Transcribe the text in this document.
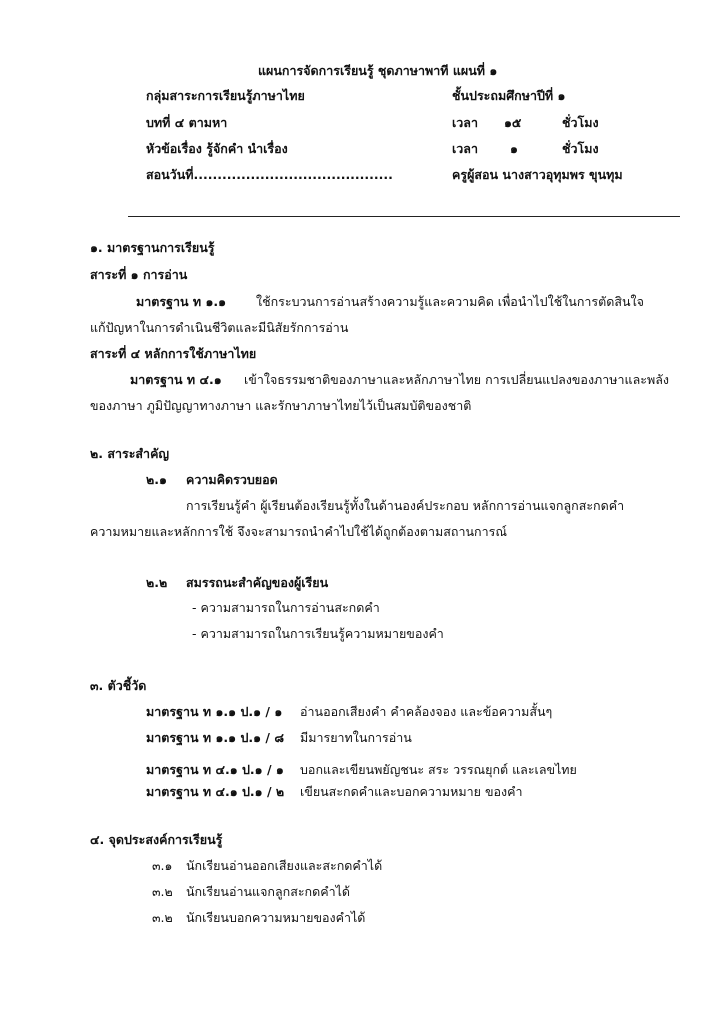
แผนการจัดการเรียนรู้ ชุดภาษาพาที แผนที่ ๑
กลุ่มสาระการเรียนรู้ภาษาไทย	ชั้นประถมศึกษาปีที่ ๑
บทที่ ๔ ตามหา	เวลา ๑๕	ชั่วโมง
หัวข้อเรื่อง รู้จักคำ นำเรื่อง	เวลา	๑	ชั่วโมง
สอนวันที่..........................................	ครูผู้สอน นางสาวอุทุมพร ขุนทุม
๑. มาตรฐานการเรียนรู้
สาระที่ ๑ การอ่าน
มาตรฐาน ท ๑.๑ ใช้กระบวนการอ่านสร้างความรู้และความคิด เพื่อนำไปใช้ในการตัดสินใจ
แก้ปัญหาในการดำเนินชีวิตและมีนิสัยรักการอ่าน
สาระที่ ๔ หลักการใช้ภาษาไทย
มาตรฐาน ท ๔.๑ เข้าใจธรรมชาติของภาษาและหลักภาษาไทย การเปลี่ยนแปลงของภาษาและพลัง
ของภาษา ภูมิปัญญาทางภาษา และรักษาภาษาไทยไว้เป็นสมบัติของชาติ
๒. สาระสำคัญ
๒.๑ ความคิดรวบยอด
การเรียนรู้คำ ผู้เรียนต้องเรียนรู้ทั้งในด้านองค์ประกอบ หลักการอ่านแจกลูกสะกดคำ
ความหมายและหลักการใช้ จึงจะสามารถนำคำไปใช้ได้ถูกต้องตามสถานการณ์
๒.๒ สมรรถนะสำคัญของผู้เรียน
- ความสามารถในการอ่านสะกดคำ
- ความสามารถในการเรียนรู้ความหมายของคำ
๓. ตัวชี้วัด
มาตรฐาน ท ๑.๑ ป.๑ / ๑ อ่านออกเสียงคำ คำคล้องจอง และข้อความสั้นๆ
มาตรฐาน ท ๑.๑ ป.๑ / ๘ มีมารยาทในการอ่าน
มาตรฐาน ท ๔.๑ ป.๑ / ๑ บอกและเขียนพยัญชนะ สระ วรรณยุกต์ และเลขไทย
มาตรฐาน ท ๔.๑ ป.๑ / ๒ เขียนสะกดคำและบอกความหมาย ของคำ
๔. จุดประสงค์การเรียนรู้
๓.๑ นักเรียนอ่านออกเสียงและสะกดคำได้
๓.๒ นักเรียนอ่านแจกลูกสะกดคำได้
๓.๒ นักเรียนบอกความหมายของคำได้
